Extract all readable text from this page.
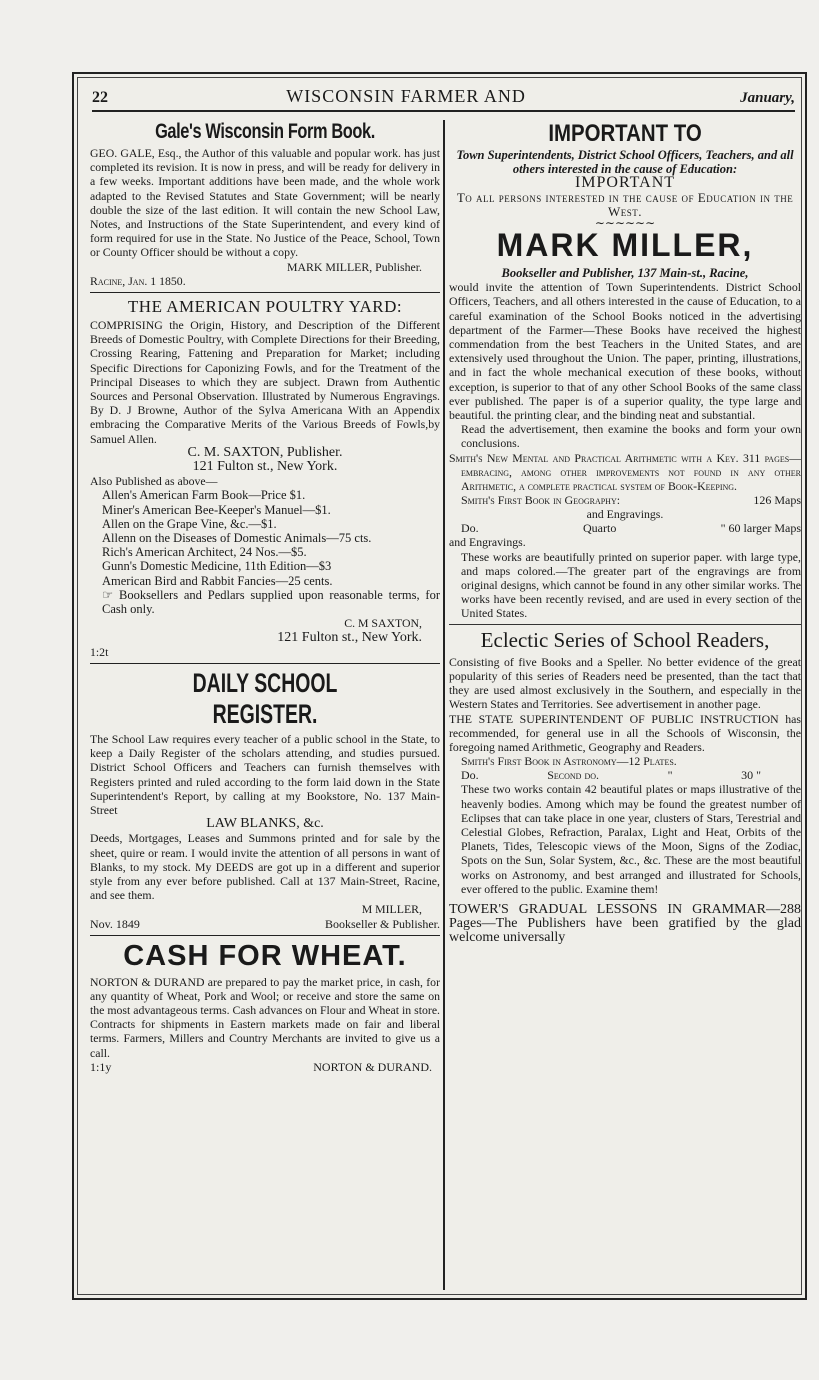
22	WISCONSIN FARMER AND	January,
Gale's Wisconsin Form Book.

GEO. GALE, Esq., the Author of this valuable and popular work. has just completed its revision. It is now in press, and will be ready for delivery in a few weeks. Important additions have been made, and the whole work adapted to the Revised Statutes and State Government; will be nearly double the size of the last edition. It will contain the new School Law, Notes, and Instructions of the State Superintendent, and every kind of form required for use in the State. No Justice of the Peace, School, Town or County Officer should be without a copy.

MARK MILLER, Publisher.

Racine, Jan. 1 1850.

THE AMERICAN POULTRY YARD:

COMPRISING the Origin, History, and Description of the Different Breeds of Domestic Poultry, with Complete Directions for their Breeding, Crossing Rearing, Fattening and Preparation for Market; including Specific Directions for Caponizing Fowls, and for the Treatment of the Principal Diseases to which they are subject. Drawn from Authentic Sources and Personal Observation. Illustrated by Numerous Engravings. By D. J Browne, Author of the Sylva Americana With an Appendix embracing the Comparative Merits of the Various Breeds of Fowls,by Samuel Allen.

C. M. SAXTON, Publisher.

121 Fulton st., New York.

Also Published as above—

Allen's American Farm Book—Price $1.

Miner's American Bee-Keeper's Manuel—$1.

Allen on the Grape Vine, &c.—$1.

Allenn on the Diseases of Domestic Animals—75 cts.

Rich's American Architect, 24 Nos.—$5.

Gunn's Domestic Medicine, 11th Edition—$3

American Bird and Rabbit Fancies—25 cents.

☞ Booksellers and Pedlars supplied upon reasonable terms, for Cash only.

C. M SAXTON,

121 Fulton st., New York.

1:2t

DAILY SCHOOL REGISTER.

The School Law requires every teacher of a public school in the State, to keep a Daily Register of the scholars attending, and studies pursued. District School Officers and Teachers can furnish themselves with Registers printed and ruled according to the form laid down in the State Superintendent's Report, by calling at my Bookstore, No. 137 Main-Street

LAW BLANKS, &c.

Deeds, Mortgages, Leases and Summons printed and for sale by the sheet, quire or ream. I would invite the attention of all persons in want of Blanks, to my stock. My DEEDS are got up in a different and superior style from any ever before published. Call at 137 Main-Street, Racine, and see them.

M MILLER,

Nov. 1849	Bookseller & Publisher.
CASH FOR WHEAT.

NORTON & DURAND are prepared to pay the market price, in cash, for any quantity of Wheat, Pork and Wool; or receive and store the same on the most advantageous terms. Cash advances on Flour and Wheat in store.

Contracts for shipments in Eastern markets made on fair and liberal terms. Farmers, Millers and Country Merchants are invited to give us a call.

1:1y	NORTON & DURAND.
IMPORTANT TO

Town Superintendents, District School Officers, Teachers, and all others interested in the cause of Education:

IMPORTANT

To all persons interested in the cause of Education in the West.

∼∼∼∼∼∼
MARK MILLER,

Bookseller and Publisher, 137 Main-st., Racine,

would invite the attention of Town Superintendents. District School Officers, Teachers, and all others interested in the cause of Education, to a careful examination of the School Books noticed in the advertising department of the Farmer—These Books have received the highest commendation from the best Teachers in the United States, and are extensively used throughout the Union. The paper, printing, illustrations, and in fact the whole mechanical execution of these books, without exception, is superior to that of any other School Books of the same class ever published. The paper is of a superior quality, the type large and beautiful. the printing clear, and the binding neat and substantial.

Read the advertisement, then examine the books and form your own conclusions.

Smith's New Mental and Practical Arithmetic with a Key. 311 pages—embracing, among other improvements not found in any other Arithmetic, a complete practical system of Book-Keeping.

Smith's First Book in Geography:	126 Maps

and Engravings.

Do.	Quarto	" 60 larger Maps

and Engravings.

These works are beautifully printed on superior paper. with large type, and maps colored.—The greater part of the engravings are from original designs, which cannot be found in any other similar works. The works have been recently revised, and are used in every section of the United States.

Eclectic Series of School Readers,

Consisting of five Books and a Speller. No better evidence of the great popularity of this series of Readers need be presented, than the tact that they are used almost exclusively in the Southern, and especially in the Western States and Territories. See advertisement in another page.

THE STATE SUPERINTENDENT OF PUBLIC INSTRUCTION has recommended, for general use in all the Schools of Wisconsin, the foregoing named Arithmetic, Geography and Readers.

Smith's First Book in Astronomy—12 Plates.

Do.	Second do.	"	30 "

These two works contain 42 beautiful plates or maps illustrative of the heavenly bodies. Among which may be found the greatest number of Eclipses that can take place in one year, clusters of Stars, Terestrial and Celestial Globes, Refraction, Paralax, Light and Heat, Orbits of the Planets, Tides, Telescopic views of the Moon, Signs of the Zodiac, Spots on the Sun, Solar System, &c., &c. These are the most beautiful works on Astronomy, and best arranged and illustrated for Schools, ever offered to the public. Examine them!

TOWER'S GRADUAL LESSONS IN GRAMMAR—288 Pages—The Publishers have been gratified by the glad welcome universally
